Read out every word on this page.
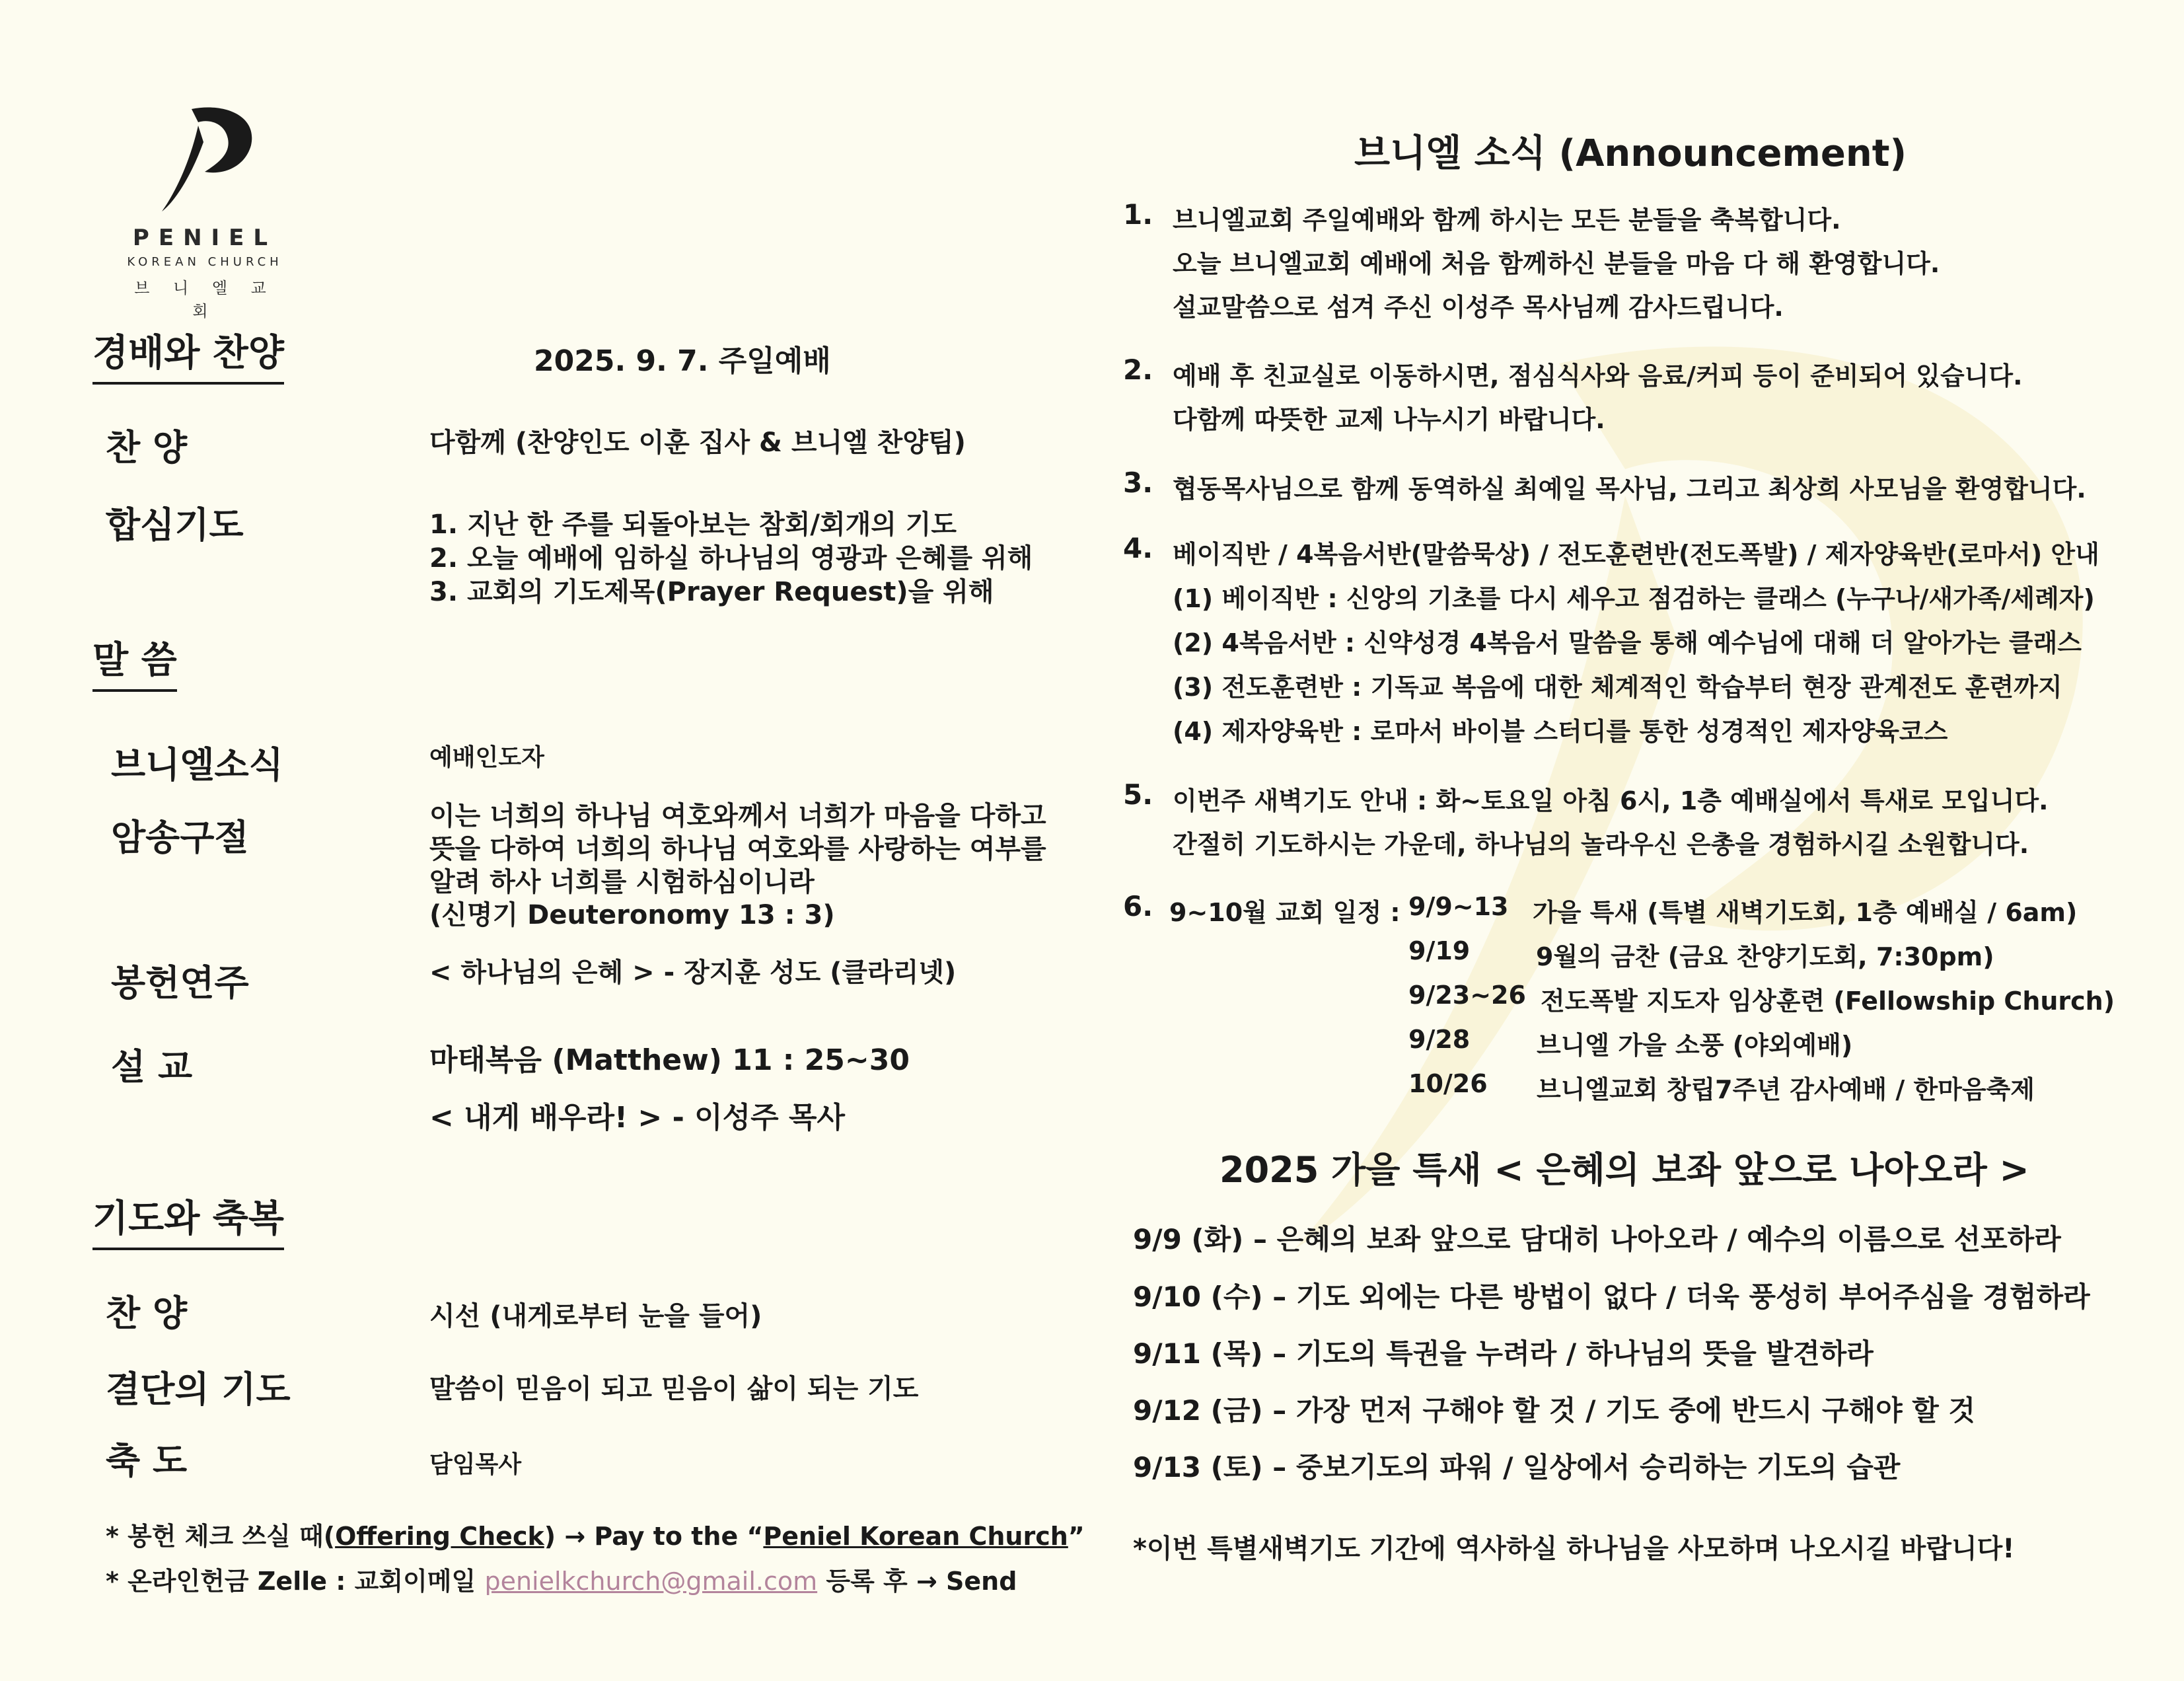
PENIEL
KOREAN CHURCH
브 니 엘 교 회
경배와 찬양	2025. 9. 7. 주일예배
찬 양	다함께 (찬양인도 이훈 집사 & 브니엘 찬양팀)
합심기도	1. 지난 한 주를 되돌아보는 참회/회개의 기도
2. 오늘 예배에 임하실 하나님의 영광과 은혜를 위해
3. 교회의 기도제목(Prayer Request)을 위해
말 씀
브니엘소식	예배인도자
암송구절
이는 너희의 하나님 여호와께서 너희가 마음을 다하고
뜻을 다하여 너희의 하나님 여호와를 사랑하는 여부를
알려 하사 너희를 시험하심이니라
(신명기 Deuteronomy 13 : 3)
봉헌연주	< 하나님의 은혜 > - 장지훈 성도 (클라리넷)
설 교	마태복음 (Matthew) 11 : 25~30
< 내게 배우라! > - 이성주 목사
기도와 축복
찬 양	시선 (내게로부터 눈을 들어)
결단의 기도	말씀이 믿음이 되고 믿음이 삶이 되는 기도
축 도	담임목사
* 봉헌 체크 쓰실 때(Offering Check) → Pay to the “Peniel Korean Church”
* 온라인헌금 Zelle : 교회이메일 penielkchurch@gmail.com 등록 후 → Send
브니엘 소식 (Announcement)
1. 브니엘교회 주일예배와 함께 하시는 모든 분들을 축복합니다.
오늘 브니엘교회 예배에 처음 함께하신 분들을 마음 다 해 환영합니다.
설교말씀으로 섬겨 주신 이성주 목사님께 감사드립니다.
2. 예배 후 친교실로 이동하시면, 점심식사와 음료/커피 등이 준비되어 있습니다.
다함께 따뜻한 교제 나누시기 바랍니다.
3. 협동목사님으로 함께 동역하실 최예일 목사님, 그리고 최상희 사모님을 환영합니다.
4. 베이직반 / 4복음서반(말씀묵상) / 전도훈련반(전도폭발) / 제자양육반(로마서) 안내
(1) 베이직반 : 신앙의 기초를 다시 세우고 점검하는 클래스 (누구나/새가족/세례자)
(2) 4복음서반 : 신약성경 4복음서 말씀을 통해 예수님에 대해 더 알아가는 클래스
(3) 전도훈련반 : 기독교 복음에 대한 체계적인 학습부터 현장 관계전도 훈련까지
(4) 제자양육반 : 로마서 바이블 스터디를 통한 성경적인 제자양육코스
5. 이번주 새벽기도 안내 : 화~토요일 아침 6시, 1층 예배실에서 특새로 모입니다.
간절히 기도하시는 가운데, 하나님의 놀라우신 은총을 경험하시길 소원합니다.
6. 9~10월 교회 일정 : 9/9~13 가을 특새 (특별 새벽기도회, 1층 예배실 / 6am)
9/19	9월의 금찬 (금요 찬양기도회, 7:30pm)
9/23~26 전도폭발 지도자 임상훈련 (Fellowship Church)
9/28	브니엘 가을 소풍 (야외예배)
10/26 브니엘교회 창립7주년 감사예배 / 한마음축제
2025 가을 특새 < 은혜의 보좌 앞으로 나아오라 >
9/9 (화) – 은혜의 보좌 앞으로 담대히 나아오라 / 예수의 이름으로 선포하라
9/10 (수) – 기도 외에는 다른 방법이 없다 / 더욱 풍성히 부어주심을 경험하라
9/11 (목) – 기도의 특권을 누려라 / 하나님의 뜻을 발견하라
9/12 (금) – 가장 먼저 구해야 할 것 / 기도 중에 반드시 구해야 할 것
9/13 (토) – 중보기도의 파워 / 일상에서 승리하는 기도의 습관
*이번 특별새벽기도 기간에 역사하실 하나님을 사모하며 나오시길 바랍니다!
